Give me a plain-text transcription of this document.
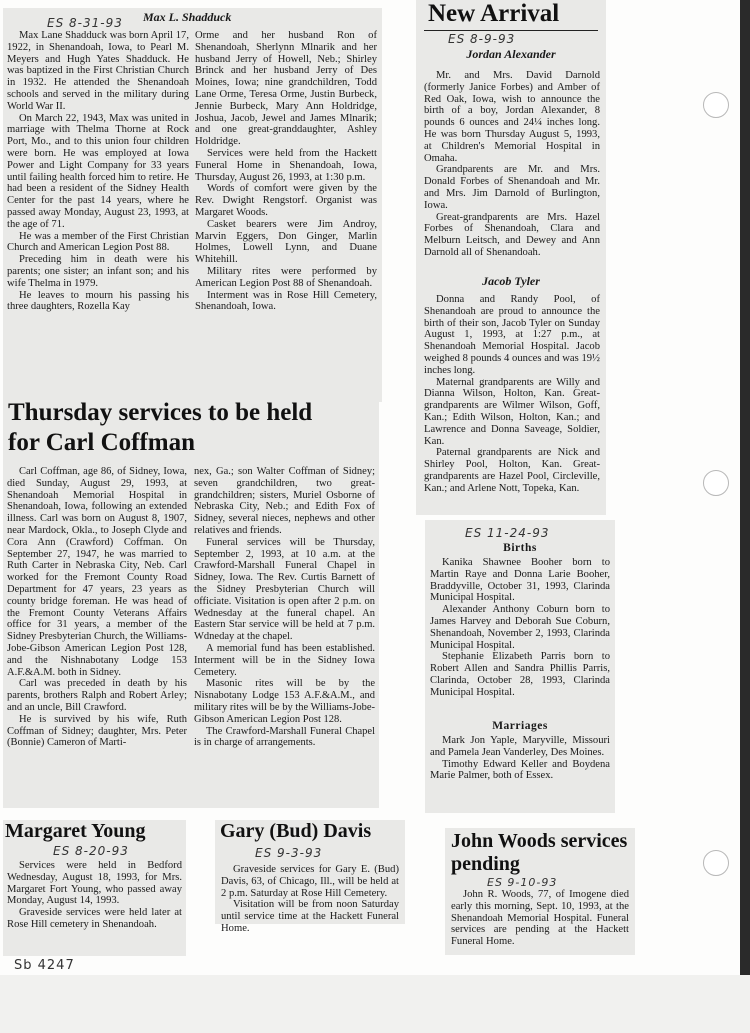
ES 8-31-93 Max L. Shadduck

Max Lane Shadduck was born April 17, 1922, in Shenandoah, Iowa, to Pearl M. Meyers and Hugh Yates Shadduck. He was baptized in the First Christian Church in 1932. He attended the Shenandoah schools and served in the military during World War II.

On March 22, 1943, Max was united in marriage with Thelma Thorne at Rock Port, Mo., and to this union four children were born. He was employed at Iowa Power and Light Company for 33 years until failing health forced him to retire. He had been a resident of the Sidney Health Center for the past 14 years, where he passed away Monday, August 23, 1993, at the age of 71.

He was a member of the First Christian Church and American Legion Post 88.

Preceding him in death were his parents; one sister; an infant son; and his wife Thelma in 1979.

He leaves to mourn his passing his three daughters, Rozella Kay

Orme and her husband Ron of Shenandoah, Sherlynn Mlnarik and her husband Jerry of Howell, Neb.; Shirley Brinck and her husband Jerry of Des Moines, Iowa; nine grandchildren, Todd Lane Orme, Teresa Orme, Justin Burbeck, Jennie Burbeck, Mary Ann Holdridge, Joshua, Jacob, Jewel and James Mlnarik; and one great-granddaughter, Ashley Holdridge.

Services were held from the Hackett Funeral Home in Shenandoah, Iowa, Thursday, August 26, 1993, at 1:30 p.m.

Words of comfort were given by the Rev. Dwight Rengstorf. Organist was Margaret Woods.

Casket bearers were Jim Androy, Marvin Eggers, Don Ginger, Marlin Holmes, Lowell Lynn, and Duane Whitehill.

Military rites were performed by American Legion Post 88 of Shenandoah.

Interment was in Rose Hill Cemetery, Shenandoah, Iowa.

Thursday services to be held for Carl Coffman

Carl Coffman, age 86, of Sidney, Iowa, died Sunday, August 29, 1993, at Shenandoah Memorial Hospital in Shenandoah, Iowa, following an extended illness. Carl was born on August 8, 1907, near Mardock, Okla., to Joseph Clyde and Cora Ann (Crawford) Coffman. On September 27, 1947, he was married to Ruth Carter in Nebraska City, Neb. Carl worked for the Fremont County Road Department for 47 years, 23 years as county bridge foreman. He was head of the Fremont County Veterans Affairs office for 31 years, a member of the Sidney Presbyterian Church, the Williams-Jobe-Gibson American Legion Post 128, and the Nishnabotany Lodge 153 A.F.&A.M. both in Sidney.

Carl was preceded in death by his parents, brothers Ralph and Robert Arley; and an uncle, Bill Crawford.

He is survived by his wife, Ruth Coffman of Sidney; daughter, Mrs. Peter (Bonnie) Cameron of Marti-

nex, Ga.; son Walter Coffman of Sidney; seven grandchildren, two great-grandchildren; sisters, Muriel Osborne of Nebraska City, Neb.; and Edith Fox of Sidney, several nieces, nephews and other relatives and friends.

Funeral services will be Thursday, September 2, 1993, at 10 a.m. at the Crawford-Marshall Funeral Chapel in Sidney, Iowa. The Rev. Curtis Barnett of the Sidney Presbyterian Church will officiate. Visitation is open after 2 p.m. on Wednesday at the funeral chapel. An Eastern Star service will be held at 7 p.m. Wdneday at the chapel.

A memorial fund has been established. Interment will be in the Sidney Iowa Cemetery.

Masonic rites will be by the Nisnabotany Lodge 153 A.F.&A.M., and military rites will be by the Williams-Jobe-Gibson American Legion Post 128.

The Crawford-Marshall Funeral Chapel is in charge of arrangements.

New Arrival
ES 8-9-93
Jordan Alexander

Mr. and Mrs. David Darnold (formerly Janice Forbes) and Amber of Red Oak, Iowa, wish to announce the birth of a boy, Jordan Alexander, 8 pounds 6 ounces and 24¼ inches long. He was born Thursday August 5, 1993, at Children's Memorial Hospital in Omaha.

Grandparents are Mr. and Mrs. Donald Forbes of Shenandoah and Mr. and Mrs. Jim Darnold of Burlington, Iowa.

Great-grandparents are Mrs. Hazel Forbes of Shenandoah, Clara and Melburn Leitsch, and Dewey and Ann Darnold all of Shenandoah.

Jacob Tyler

Donna and Randy Pool, of Shenandoah are proud to announce the birth of their son, Jacob Tyler on Sunday August 1, 1993, at 1:27 p.m., at Shenandoah Memorial Hospital. Jacob weighed 8 pounds 4 ounces and was 19½ inches long.

Maternal grandparents are Willy and Dianna Wilson, Holton, Kan. Great-grandparents are Wilmer Wilson, Goff, Kan.; Edith Wilson, Holton, Kan.; and Lawrence and Donna Saveage, Soldier, Kan.

Paternal grandparents are Nick and Shirley Pool, Holton, Kan. Great-grandparents are Hazel Pool, Circleville, Kan.; and Arlene Nott, Topeka, Kan.

ES 11-24-93
Births

Kanika Shawnee Booher born to Martin Raye and Donna Larie Booher, Braddyville, October 31, 1993, Clarinda Municipal Hospital.

Alexander Anthony Coburn born to James Harvey and Deborah Sue Coburn, Shenandoah, November 2, 1993, Clarinda Municipal Hospital.

Stephanie Elizabeth Parris born to Robert Allen and Sandra Phillis Parris, Clarinda, October 28, 1993, Clarinda Municipal Hospital.

Marriages

Mark Jon Yaple, Maryville, Missouri and Pamela Jean Vanderley, Des Moines.

Timothy Edward Keller and Boydena Marie Palmer, both of Essex.

Margaret Young
ES 8-20-93

Services were held in Bedford Wednesday, August 18, 1993, for Mrs. Margaret Fort Young, who passed away Monday, August 14, 1993.

Graveside services were held later at Rose Hill cemetery in Shenandoah.

Gary (Bud) Davis
ES 9-3-93

Graveside services for Gary E. (Bud) Davis, 63, of Chicago, Ill., will be held at 2 p.m. Saturday at Rose Hill Cemetery.

Visitation will be from noon Saturday until service time at the Hackett Funeral Home.

John Woods services pending
ES 9-10-93

John R. Woods, 77, of Imogene died early this morning, Sept. 10, 1993, at the Shenandoah Memorial Hospital. Funeral services are pending at the Hackett Funeral Home.

Sb 4247
